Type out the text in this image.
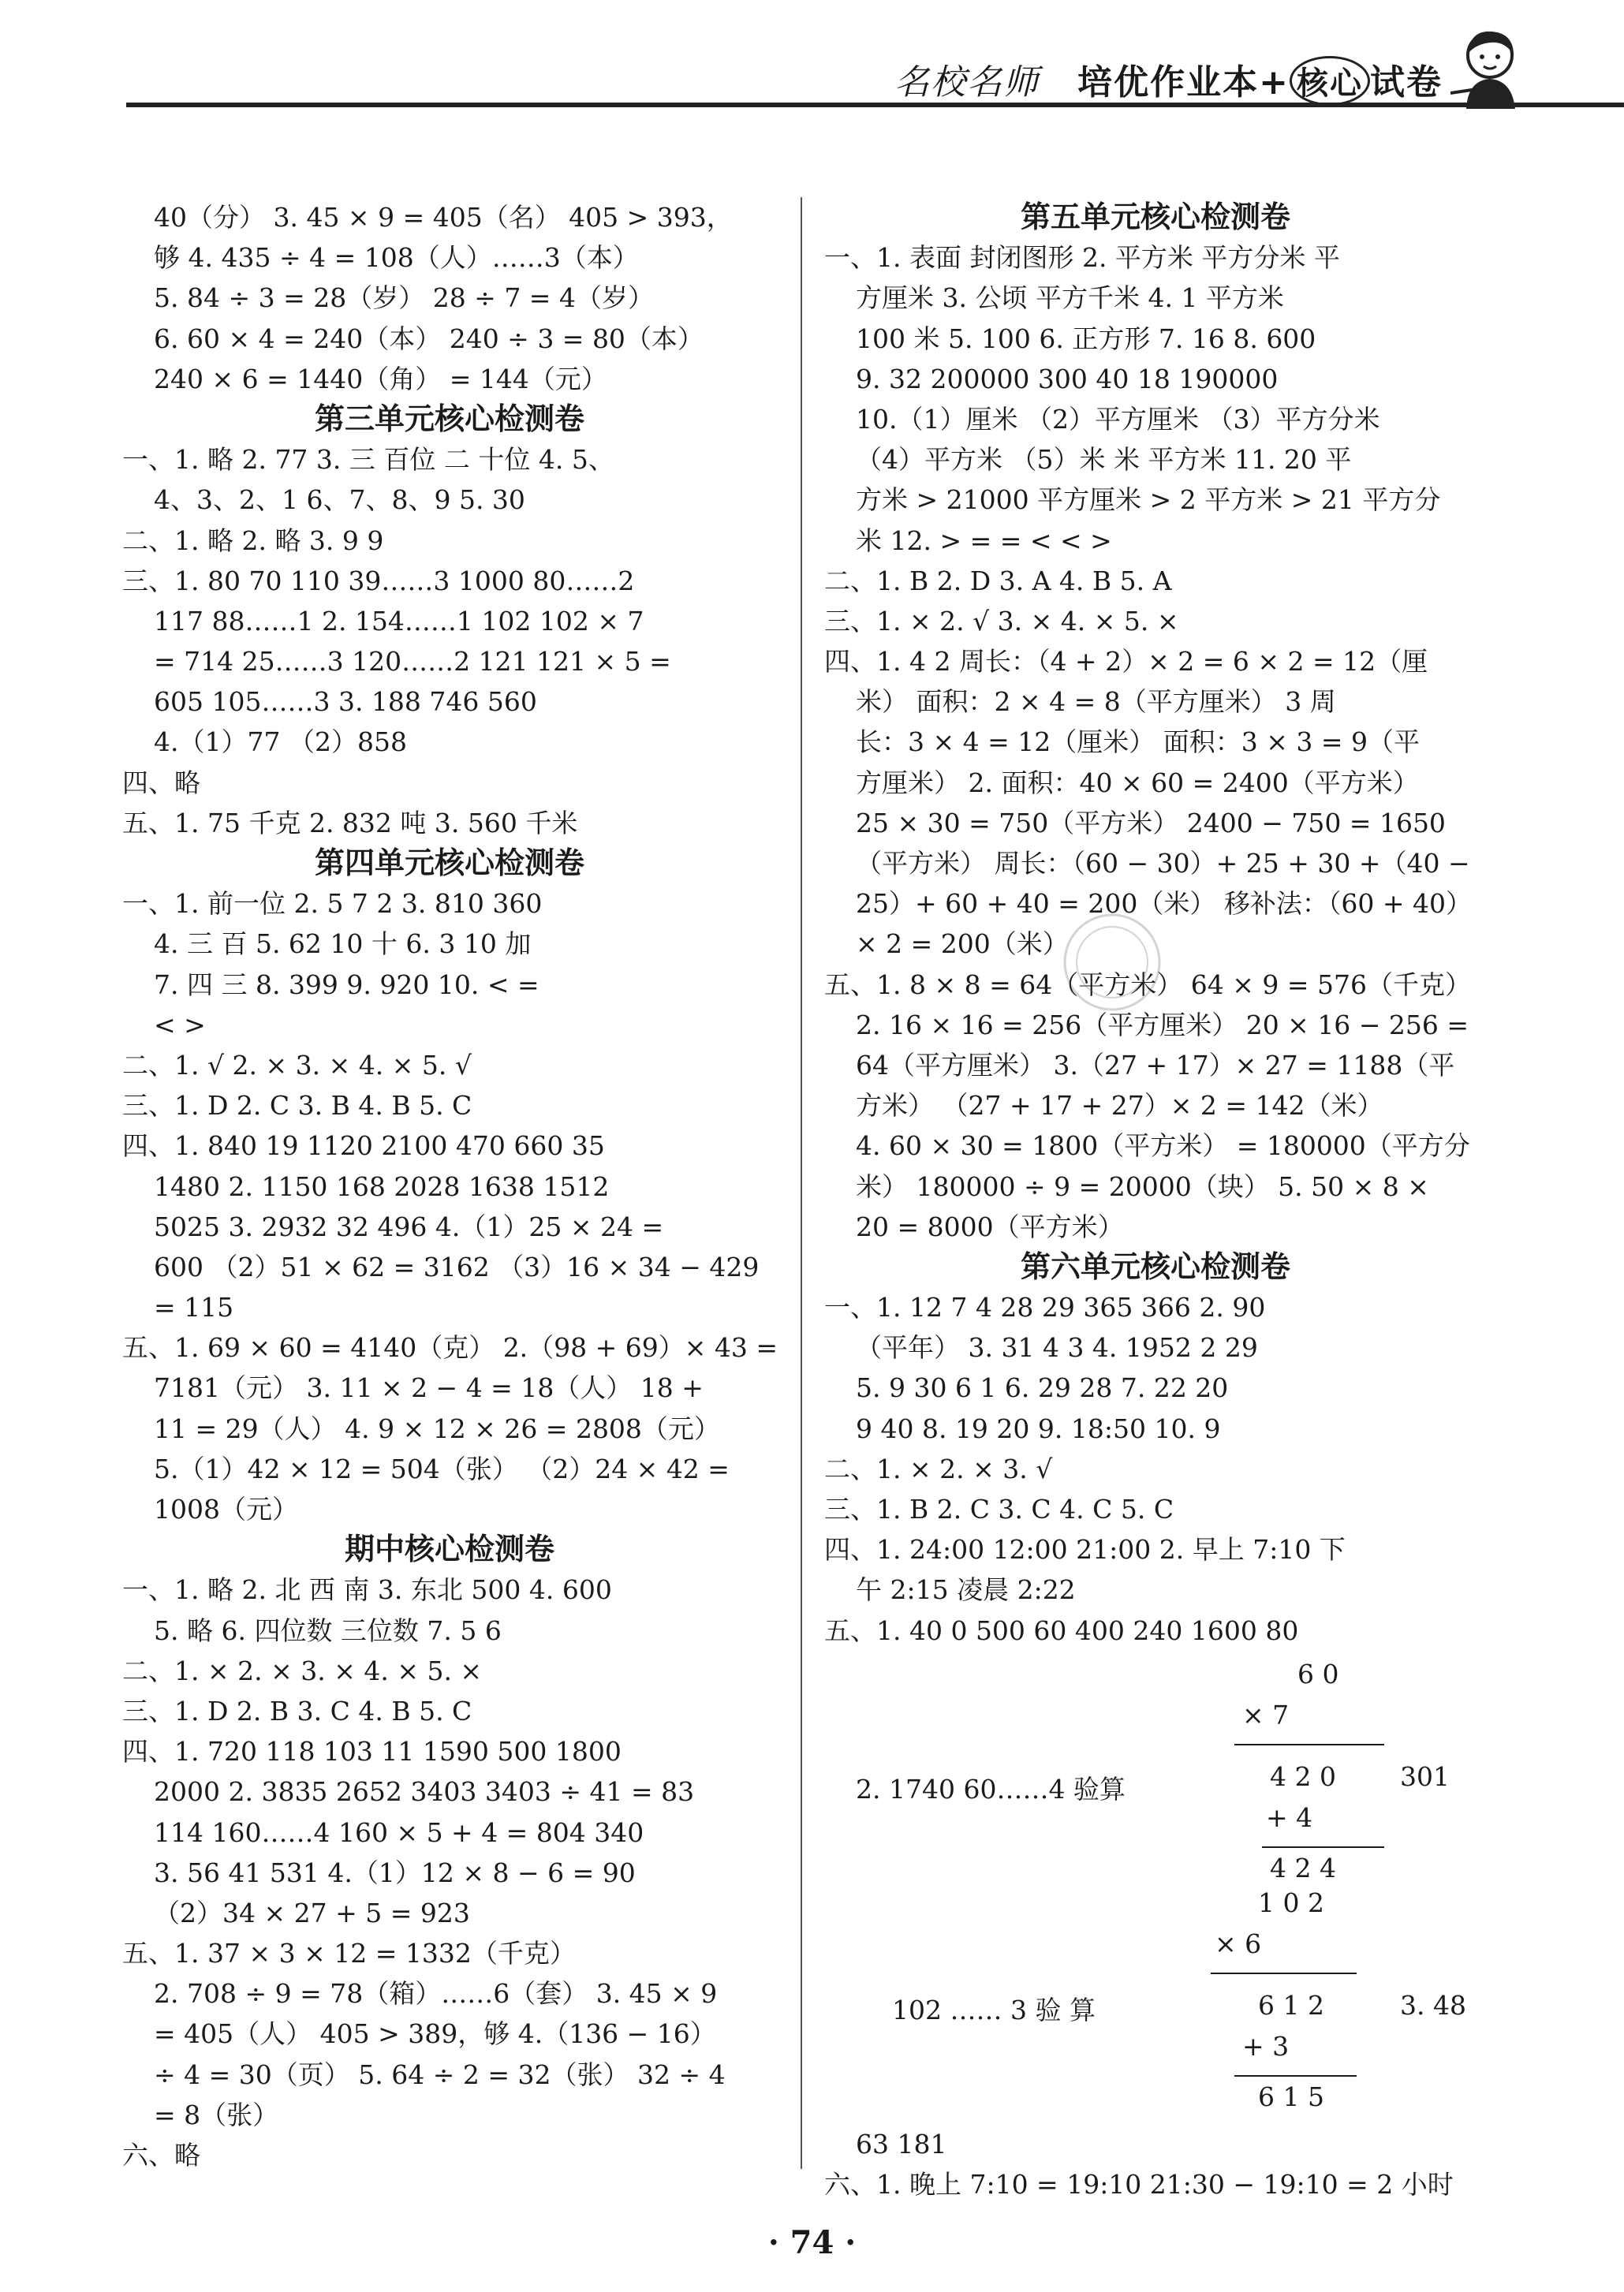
名校名师 培优作业本+ 核心 试卷
40（分） 3. 45 × 9 = 405（名） 405 > 393，
够 4. 435 ÷ 4 = 108（人）……3（本）
5. 84 ÷ 3 = 28（岁） 28 ÷ 7 = 4（岁）
6. 60 × 4 = 240（本） 240 ÷ 3 = 80（本）
240 × 6 = 1440（角） = 144（元）
第三单元核心检测卷
一、1. 略 2. 77 3. 三 百位 二 十位 4. 5、
4、3、2、1 6、7、8、9 5. 30
二、1. 略 2. 略 3. 9 9
三、1. 80 70 110 39……3 1000 80……2
117 88……1 2. 154……1 102 102 × 7
= 714 25……3 120……2 121 121 × 5 =
605 105……3 3. 188 746 560
4.（1）77 （2）858
四、略
五、1. 75 千克 2. 832 吨 3. 560 千米
第四单元核心检测卷
一、1. 前一位 2. 5 7 2 3. 810 360
4. 三 百 5. 62 10 十 6. 3 10 加
7. 四 三 8. 399 9. 920 10. < =
< >
二、1. √ 2. × 3. × 4. × 5. √
三、1. D 2. C 3. B 4. B 5. C
四、1. 840 19 1120 2100 470 660 35
1480 2. 1150 168 2028 1638 1512
5025 3. 2932 32 496 4.（1）25 × 24 =
600 （2）51 × 62 = 3162 （3）16 × 34 − 429
= 115
五、1. 69 × 60 = 4140（克） 2.（98 + 69）× 43 =
7181（元） 3. 11 × 2 − 4 = 18（人） 18 +
11 = 29（人） 4. 9 × 12 × 26 = 2808（元）
5.（1）42 × 12 = 504（张） （2）24 × 42 =
1008（元）
期中核心检测卷
一、1. 略 2. 北 西 南 3. 东北 500 4. 600
5. 略 6. 四位数 三位数 7. 5 6
二、1. × 2. × 3. × 4. × 5. ×
三、1. D 2. B 3. C 4. B 5. C
四、1. 720 118 103 11 1590 500 1800
2000 2. 3835 2652 3403 3403 ÷ 41 = 83
114 160……4 160 × 5 + 4 = 804 340
3. 56 41 531 4.（1）12 × 8 − 6 = 90
（2）34 × 27 + 5 = 923
五、1. 37 × 3 × 12 = 1332（千克）
2. 708 ÷ 9 = 78（箱）……6（套） 3. 45 × 9
= 405（人） 405 > 389，够 4.（136 − 16）
÷ 4 = 30（页） 5. 64 ÷ 2 = 32（张） 32 ÷ 4
= 8（张）
六、略
第五单元核心检测卷
一、1. 表面 封闭图形 2. 平方米 平方分米 平
方厘米 3. 公顷 平方千米 4. 1 平方米
100 米 5. 100 6. 正方形 7. 16 8. 600
9. 32 200000 300 40 18 190000
10.（1）厘米 （2）平方厘米 （3）平方分米
（4）平方米 （5）米 米 平方米 11. 20 平
方米 > 21000 平方厘米 > 2 平方米 > 21 平方分
米 12. > = = < < >
二、1. B 2. D 3. A 4. B 5. A
三、1. × 2. √ 3. × 4. × 5. ×
四、1. 4 2 周长：（4 + 2）× 2 = 6 × 2 = 12（厘
米） 面积：2 × 4 = 8（平方厘米） 3 周
长：3 × 4 = 12（厘米） 面积：3 × 3 = 9（平
方厘米） 2. 面积：40 × 60 = 2400（平方米）
25 × 30 = 750（平方米） 2400 − 750 = 1650
（平方米） 周长：（60 − 30）+ 25 + 30 +（40 −
25）+ 60 + 40 = 200（米） 移补法：（60 + 40）
× 2 = 200（米）
五、1. 8 × 8 = 64（平方米） 64 × 9 = 576（千克）
2. 16 × 16 = 256（平方厘米） 20 × 16 − 256 =
64（平方厘米） 3.（27 + 17）× 27 = 1188（平
方米） （27 + 17 + 27）× 2 = 142（米）
4. 60 × 30 = 1800（平方米） = 180000（平方分
米） 180000 ÷ 9 = 20000（块） 5. 50 × 8 ×
20 = 8000（平方米）
第六单元核心检测卷
一、1. 12 7 4 28 29 365 366 2. 90
（平年） 3. 31 4 3 4. 1952 2 29
5. 9 30 6 1 6. 29 28 7. 22 20
9 40 8. 19 20 9. 18:50 10. 9
二、1. × 2. × 3. √
三、1. B 2. C 3. C 4. C 5. C
四、1. 24:00 12:00 21:00 2. 早上 7:10 下
午 2:15 凌晨 2:22
五、1. 40 0 500 60 400 240 1600 80
2. 1740 60……4 验算
6 0
× 7
4 2 0 301
+ 4
4 2 4
102 …… 3 验 算
1 0 2
× 6
6 1 2	3. 48
+ 3
6 1 5
63 181
六、1. 晚上 7:10 = 19:10 21:30 − 19:10 = 2 小时
· 74 ·
